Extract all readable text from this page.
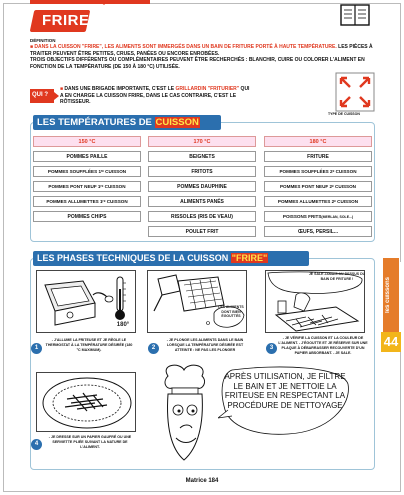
de la théorie aux gestes
FRIRE
DÉFINITION
■ DANS LA CUISSON "FRIRE", LES ALIMENTS SONT IMMERGÉS DANS UN BAIN DE FRITURE PORTÉ À HAUTE TEMPÉRATURE. LES PIÈCES À TRAITER PEUVENT ÊTRE PETITES, CRUES, PANÉES OU ENCORE ENROBÉES.
TROIS OBJECTIFS DIFFÉRENTS OU COMPLÉMENTAIRES PEUVENT ÊTRE RECHERCHÉS : BLANCHIR, CUIRE OU COLORER L'ALIMENT EN FONCTION DE LA TEMPÉRATURE (DE 150 À 180 °C) UTILISÉE.
QUI ?
■ DANS UNE BRIGADE IMPORTANTE, C'EST LE GRILLARDIN "FRITURIER" QUI A EN CHARGE LA CUISSON FRIRE, DANS LE CAS CONTRAIRE, C'EST LE RÔTISSEUR.
TYPE DE CUISSON
LES TEMPÉRATURES DE CUISSON
150 °C
POMMES PAILLE
POMMES SOUFFLÉES 1ʳᵉ CUISSON
POMMES PONT NEUF 1ʳᵉ CUISSON
POMMES ALLUMETTES 1ʳᵉ CUISSON
POMMES CHIPS
170 °C
BEIGNETS
FRITOTS
POMMES DAUPHINE
ALIMENTS PANÉS
RISSOLES (RIS DE VEAU)
POULET FRIT
180 °C
FRITURE
POMMES SOUFFLÉES 2ᵉ CUISSON
POMMES PONT NEUF 2ᵉ CUISSON
POMMES ALLUMETTES 2ᵉ CUISSON
POISSONS FRITS (MERLAN, SOLE...)
ŒUFS, PERSIL...
LES PHASES TECHNIQUES DE LA CUISSON "FRIRE"
180°
1
- J'ALLUME LA FRITEUSE ET JE RÈGLE LE THERMOSTAT À LA TEMPÉRATURE DÉSIRÉE (180 °C MAXIMUM).
LES ALIMENTS DONT BIEN ÉGOUTTÉS
2
- JE PLONGE LES ALIMENTS DANS LE BAIN LORSQUE LA TEMPÉRATURE DÉSIRÉE EST ATTEINTE : NE PAS LES PLONGER
JE SALE JAMAIS AU-DESSUS DU BAIN DE FRITURE !
3
- JE VÉRIFIE LA CUISSON ET LA COULEUR DE L'ALIMENT. - J'ÉGOUTTE ET JE RÉSERVE SUR UNE PLAQUE À DÉBARRASSER RECOUVERTE D'UN PAPIER ABSORBANT. - JE SALE.
4
- JE DRESSE SUR UN PAPIER GAUFRÉ OU UNE SERVIETTE PLIÉE SUIVANT LA NATURE DE L'ALIMENT.
APRÈS UTILISATION, JE FILTRE LE BAIN ET JE NETTOIE LA FRITEUSE EN RESPECTANT LA PROCÉDURE DE NETTOYAGE
les cuissons
44
Matrice 184
